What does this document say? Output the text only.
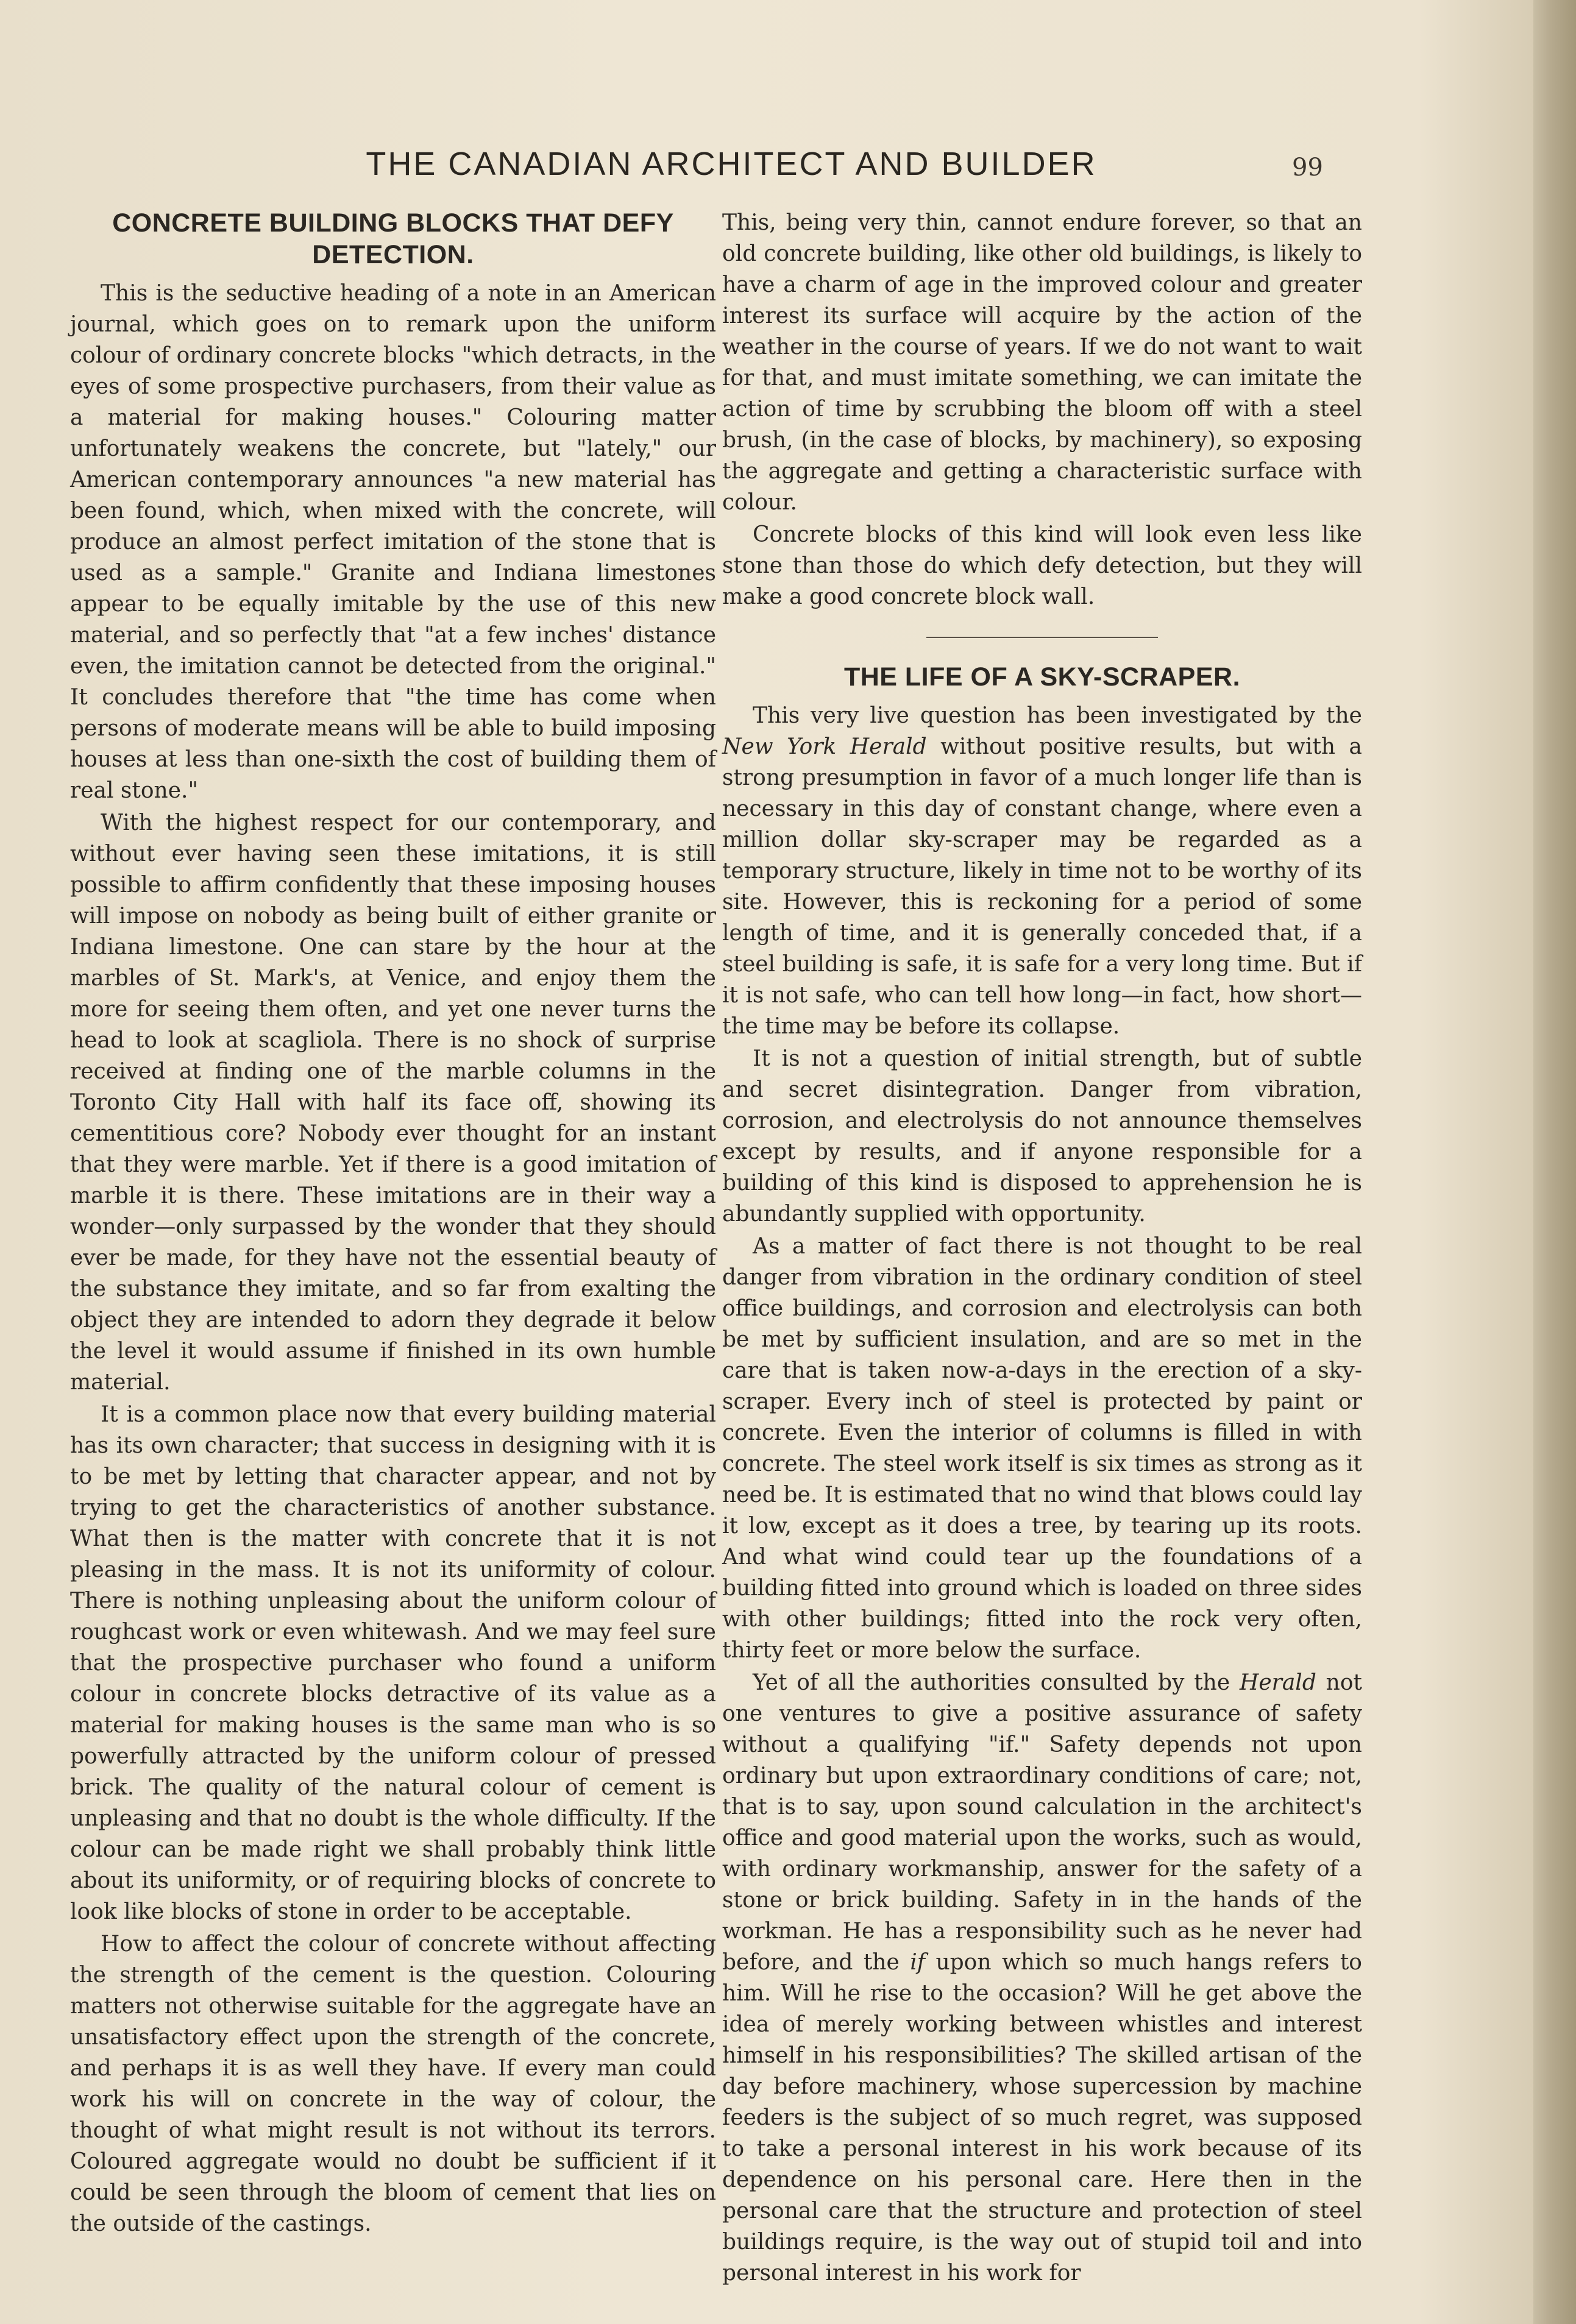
THE CANADIAN ARCHITECT AND BUILDER	99
CONCRETE BUILDING BLOCKS THAT DEFY DETECTION.

This is the seductive heading of a note in an American journal, which goes on to remark upon the uniform colour of ordinary concrete blocks "which detracts, in the eyes of some prospective purchasers, from their value as a material for making houses." Colouring matter unfortunately weakens the concrete, but "lately," our American contemporary announces "a new material has been found, which, when mixed with the concrete, will produce an almost perfect imitation of the stone that is used as a sample." Granite and Indiana limestones appear to be equally imitable by the use of this new material, and so perfectly that "at a few inches' distance even, the imitation cannot be detected from the original." It concludes therefore that "the time has come when persons of moderate means will be able to build imposing houses at less than one-sixth the cost of building them of real stone."

With the highest respect for our contemporary, and without ever having seen these imitations, it is still possible to affirm confidently that these imposing houses will impose on nobody as being built of either granite or Indiana limestone. One can stare by the hour at the marbles of St. Mark's, at Venice, and enjoy them the more for seeing them often, and yet one never turns the head to look at scagliola. There is no shock of surprise received at finding one of the marble columns in the Toronto City Hall with half its face off, showing its cementitious core? Nobody ever thought for an instant that they were marble. Yet if there is a good imitation of marble it is there. These imitations are in their way a wonder—only surpassed by the wonder that they should ever be made, for they have not the essential beauty of the substance they imitate, and so far from exalting the object they are intended to adorn they degrade it below the level it would assume if finished in its own humble material.

It is a common place now that every building material has its own character; that success in designing with it is to be met by letting that character appear, and not by trying to get the characteristics of another substance. What then is the matter with concrete that it is not pleasing in the mass. It is not its uniformity of colour. There is nothing unpleasing about the uniform colour of roughcast work or even whitewash. And we may feel sure that the prospective purchaser who found a uniform colour in concrete blocks detractive of its value as a material for making houses is the same man who is so powerfully attracted by the uniform colour of pressed brick. The quality of the natural colour of cement is unpleasing and that no doubt is the whole difficulty. If the colour can be made right we shall probably think little about its uniformity, or of requiring blocks of concrete to look like blocks of stone in order to be acceptable.

How to affect the colour of concrete without affecting the strength of the cement is the question. Colouring matters not otherwise suitable for the aggregate have an unsatisfactory effect upon the strength of the concrete, and perhaps it is as well they have. If every man could work his will on concrete in the way of colour, the thought of what might result is not without its terrors. Coloured aggregate would no doubt be sufficient if it could be seen through the bloom of cement that lies on the outside of the castings.

This, being very thin, cannot endure forever, so that an old concrete building, like other old buildings, is likely to have a charm of age in the improved colour and greater interest its surface will acquire by the action of the weather in the course of years. If we do not want to wait for that, and must imitate something, we can imitate the action of time by scrubbing the bloom off with a steel brush, (in the case of blocks, by machinery), so exposing the aggregate and getting a characteristic surface with colour.

Concrete blocks of this kind will look even less like stone than those do which defy detection, but they will make a good concrete block wall.

THE LIFE OF A SKY-SCRAPER.

This very live question has been investigated by the New York Herald without positive results, but with a strong presumption in favor of a much longer life than is necessary in this day of constant change, where even a million dollar sky-scraper may be regarded as a temporary structure, likely in time not to be worthy of its site. However, this is reckoning for a period of some length of time, and it is generally conceded that, if a steel building is safe, it is safe for a very long time. But if it is not safe, who can tell how long—in fact, how short—the time may be before its collapse.

It is not a question of initial strength, but of subtle and secret disintegration. Danger from vibration, corrosion, and electrolysis do not announce themselves except by results, and if anyone responsible for a building of this kind is disposed to apprehension he is abundantly supplied with opportunity.

As a matter of fact there is not thought to be real danger from vibration in the ordinary condition of steel office buildings, and corrosion and electrolysis can both be met by sufficient insulation, and are so met in the care that is taken now-a-days in the erection of a sky-scraper. Every inch of steel is protected by paint or concrete. Even the interior of columns is filled in with concrete. The steel work itself is six times as strong as it need be. It is estimated that no wind that blows could lay it low, except as it does a tree, by tearing up its roots. And what wind could tear up the foundations of a building fitted into ground which is loaded on three sides with other buildings; fitted into the rock very often, thirty feet or more below the surface.

Yet of all the authorities consulted by the Herald not one ventures to give a positive assurance of safety without a qualifying "if." Safety depends not upon ordinary but upon extraordinary conditions of care; not, that is to say, upon sound calculation in the architect's office and good material upon the works, such as would, with ordinary workmanship, answer for the safety of a stone or brick building. Safety in in the hands of the workman. He has a responsibility such as he never had before, and the if upon which so much hangs refers to him. Will he rise to the occasion? Will he get above the idea of merely working between whistles and interest himself in his responsibilities? The skilled artisan of the day before machinery, whose supercession by machine feeders is the subject of so much regret, was supposed to take a personal interest in his work because of its dependence on his personal care. Here then in the personal care that the structure and protection of steel buildings require, is the way out of stupid toil and into personal interest in his work for
